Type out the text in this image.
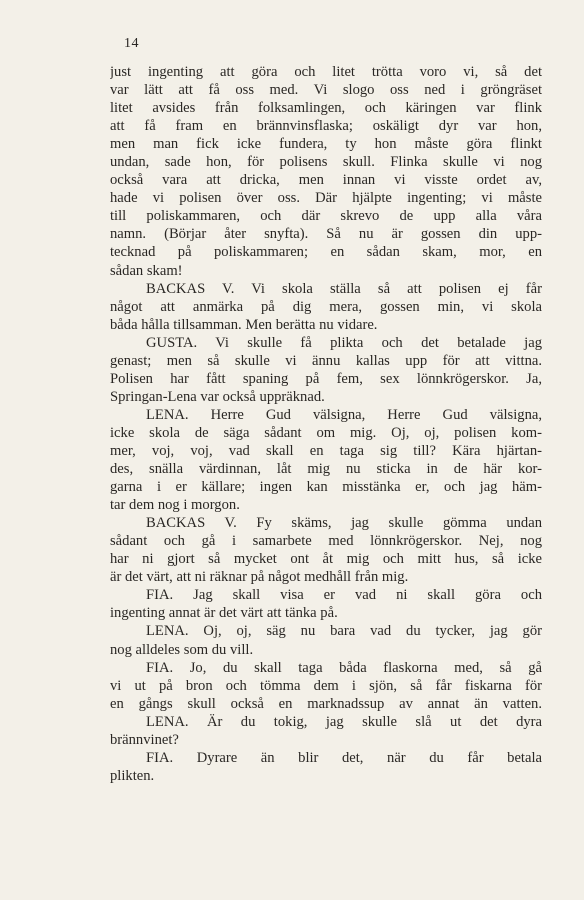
14
just ingenting att göra och litet trötta voro vi, så det
var lätt att få oss med. Vi slogo oss ned i gröngräset
litet avsides från folksamlingen, och käringen var flink
att få fram en brännvinsflaska; oskäligt dyr var hon,
men man fick icke fundera, ty hon måste göra flinkt
undan, sade hon, för polisens skull. Flinka skulle vi nog
också vara att dricka, men innan vi visste ordet av,
hade vi polisen över oss. Där hjälpte ingenting; vi måste
till poliskammaren, och där skrevo de upp alla våra
namn. (Börjar åter snyfta). Så nu är gossen din upp-
tecknad på poliskammaren; en sådan skam, mor, en
sådan skam!
BACKAS V. Vi skola ställa så att polisen ej får
något att anmärka på dig mera, gossen min, vi skola
båda hålla tillsamman. Men berätta nu vidare.
GUSTA. Vi skulle få plikta och det betalade jag
genast; men så skulle vi ännu kallas upp för att vittna.
Polisen har fått spaning på fem, sex lönnkrögerskor. Ja,
Springan-Lena var också uppräknad.
LENA. Herre Gud välsigna, Herre Gud välsigna,
icke skola de säga sådant om mig. Oj, oj, polisen kom-
mer, voj, voj, vad skall en taga sig till? Kära hjärtan-
des, snälla värdinnan, låt mig nu sticka in de här kor-
garna i er källare; ingen kan misstänka er, och jag häm-
tar dem nog i morgon.
BACKAS V. Fy skäms, jag skulle gömma undan
sådant och gå i samarbete med lönnkrögerskor. Nej, nog
har ni gjort så mycket ont åt mig och mitt hus, så icke
är det värt, att ni räknar på något medhåll från mig.
FIA. Jag skall visa er vad ni skall göra och
ingenting annat är det värt att tänka på.
LENA. Oj, oj, säg nu bara vad du tycker, jag gör
nog alldeles som du vill.
FIA. Jo, du skall taga båda flaskorna med, så gå
vi ut på bron och tömma dem i sjön, så får fiskarna för
en gångs skull också en marknadssup av annat än vatten.
LENA. Är du tokig, jag skulle slå ut det dyra
brännvinet?
FIA. Dyrare än blir det, när du får betala
plikten.
